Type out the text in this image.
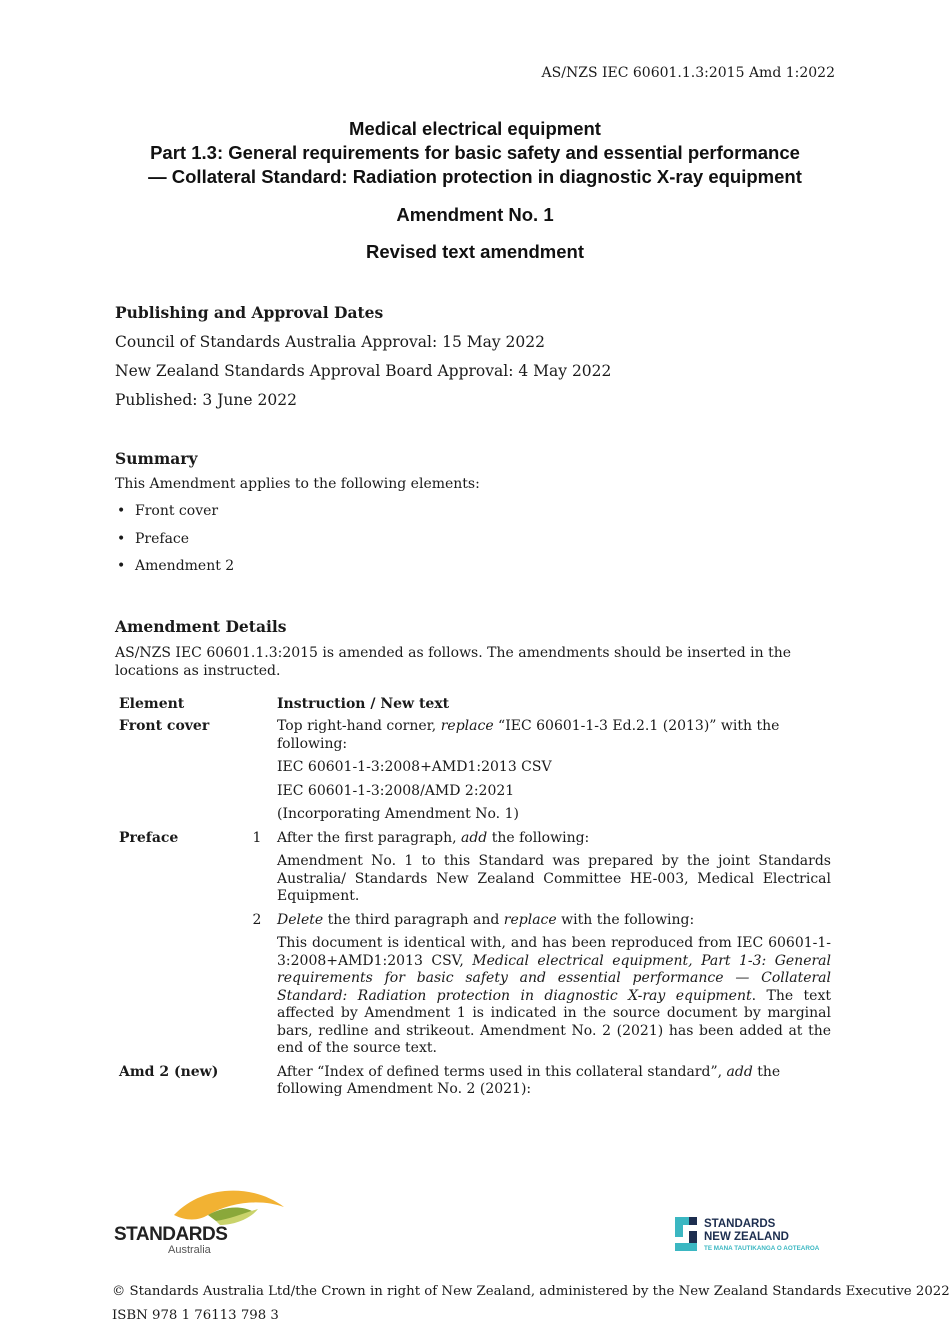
AS/NZS IEC 60601.1.3:2015 Amd 1:2022
Medical electrical equipment
Part 1.3: General requirements for basic safety and essential performance
— Collateral Standard: Radiation protection in diagnostic X-ray equipment
Amendment No. 1
Revised text amendment
Publishing and Approval Dates

Council of Standards Australia Approval: 15 May 2022

New Zealand Standards Approval Board Approval: 4 May 2022

Published: 3 June 2022

Summary

This Amendment applies to the following elements:

• Front cover
• Preface
• Amendment 2
Amendment Details

AS/NZS IEC 60601.1.3:2015 is amended as follows. The amendments should be inserted in the locations as instructed.

Element		Instruction / New text
Front cover		Top right-hand corner, replace “IEC 60601-1-3 Ed.2.1 (2013)” with the following:
		IEC 60601-1-3:2008+AMD1:2013 CSV
		IEC 60601-1-3:2008/AMD 2:2021
		(Incorporating Amendment No. 1)
Preface	1	After the first paragraph, add the following:
		Amendment No. 1 to this Standard was prepared by the joint Standards Australia/ Standards New Zealand Committee HE-003, Medical Electrical Equipment.
	2	Delete the third paragraph and replace with the following:
		This document is identical with, and has been reproduced from IEC 60601-1-3:2008+AMD1:2013 CSV, Medical electrical equipment, Part 1-3: General requirements for basic safety and essential performance — Collateral Standard: Radiation protection in diagnostic X-ray equipment. The text affected by Amendment 1 is indicated in the source document by marginal bars, redline and strikeout. Amendment No. 2 (2021) has been added at the end of the source text.
Amd 2 (new)		After “Index of defined terms used in this collateral standard”, add the following Amendment No. 2 (2021):
STANDARDS
Australia
STANDARDS
NEW ZEALAND
TE MANA TAUTIKANGA O AOTEAROA
© Standards Australia Ltd/the Crown in right of New Zealand, administered by the New Zealand Standards Executive 2022
ISBN 978 1 76113 798 3
